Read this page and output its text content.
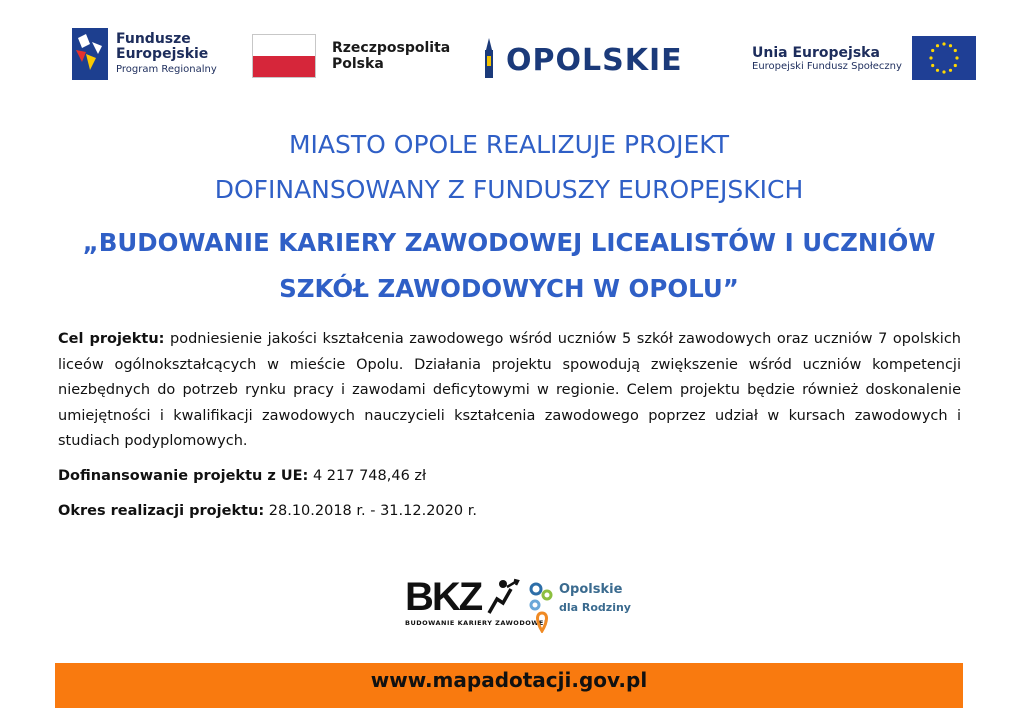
Fundusze
Europejskie
Program Regionalny
Rzeczpospolita
Polska	OPOLSKIE	Unia Europejska
Europejski Fundusz Społeczny
MIASTO OPOLE REALIZUJE PROJEKT
DOFINANSOWANY Z FUNDUSZY EUROPEJSKICH
„BUDOWANIE KARIERY ZAWODOWEJ LICEALISTÓW I UCZNIÓW
SZKÓŁ ZAWODOWYCH W OPOLU”

Cel projektu: podniesienie jakości kształcenia zawodowego wśród uczniów 5 szkół zawodowych oraz uczniów 7 opolskich liceów ogólnokształcących w mieście Opolu. Działania projektu spowodują zwiększenie wśród uczniów kompetencji niezbędnych do potrzeb rynku pracy i zawodami deficytowymi w regionie. Celem projektu będzie również doskonalenie umiejętności i kwalifikacji zawodowych nauczycieli kształcenia zawodowego poprzez udział w kursach zawodowych i studiach podyplomowych.

Dofinansowanie projektu z UE: 4 217 748,46 zł

Okres realizacji projektu: 28.10.2018 r. - 31.12.2020 r.

BKZ
BUDOWANIE KARIERY ZAWODOWEJ
Opolskie
dla Rodziny
www.mapadotacji.gov.pl
